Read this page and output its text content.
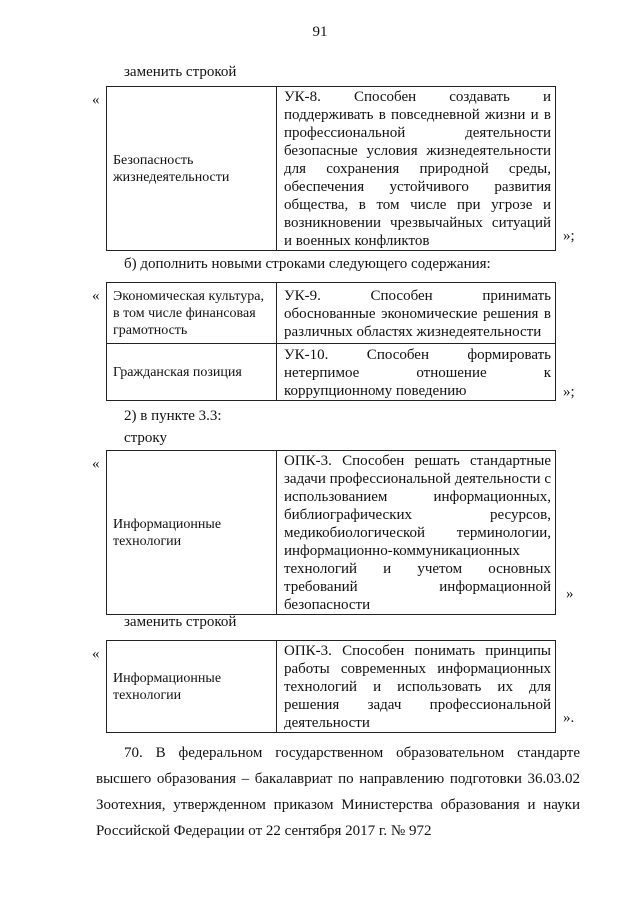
91
заменить строкой
«
Безопасность жизнедеятельности	УК-8. Способен создавать и поддерживать в повседневной жизни и в профессиональной деятельности безопасные условия жизнедеятельности для сохранения природной среды, обеспечения устойчивого развития общества, в том числе при угрозе и возникновении чрезвычайных ситуаций и военных конфликтов	»;
б) дополнить новыми строками следующего содержания:
« Экономическая культура, в том числе финансовая грамотность	УК-9. Способен принимать обоснованные экономические решения в различных областях жизнедеятельности
Гражданская позиция	УК-10. Способен формировать нетерпимое отношение к коррупционному поведению	»;
2) в пункте 3.3:
строку
«
Информационные технологии	ОПК-3. Способен решать стандартные задачи профессиональной деятельности с использованием информационных, библиографических ресурсов, медикобиологической терминологии, информационно-коммуникационных технологий и учетом основных требований информационной безопасности
»
заменить строкой
«
Информационные технологии	ОПК-3. Способен понимать принципы работы современных информационных технологий и использовать их для решения задач профессиональной деятельности	».
70. В федеральном государственном образовательном стандарте высшего образования – бакалавриат по направлению подготовки 36.03.02 Зоотехния, утвержденном приказом Министерства образования и науки Российской Федерации от 22 сентября 2017 г. № 972
